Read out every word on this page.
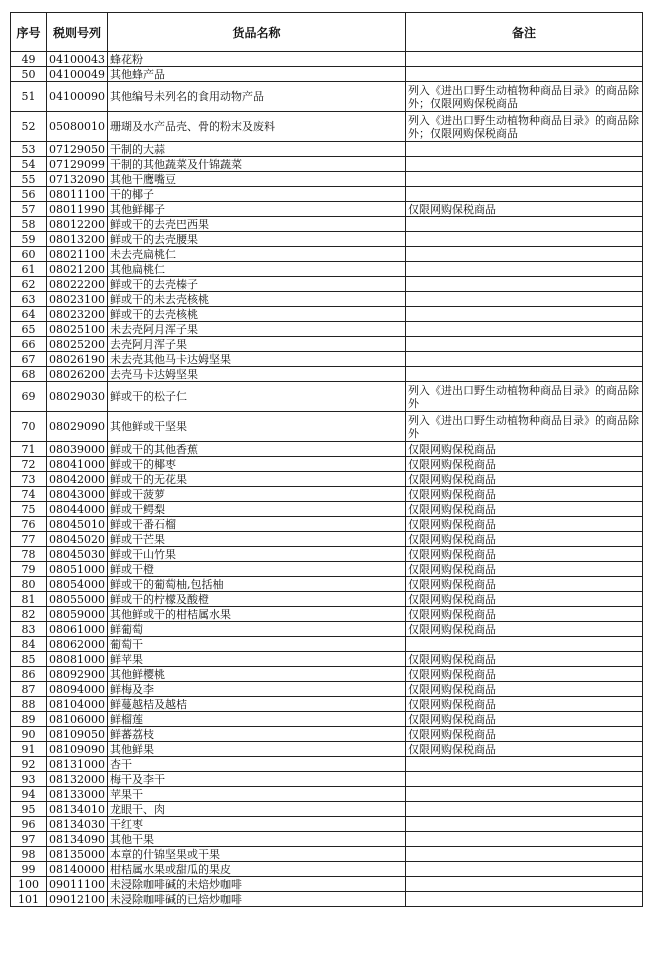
序号	税则号列	货品名称	备注
49	04100043	蜂花粉	
50	04100049	其他蜂产品	
51	04100090	其他编号未列名的食用动物产品	列入《进出口野生动植物种商品目录》的商品除外；仅限网购保税商品
52	05080010	珊瑚及水产品壳、骨的粉末及废料	列入《进出口野生动植物种商品目录》的商品除外；仅限网购保税商品
53	07129050	干制的大蒜	
54	07129099	干制的其他蔬菜及什锦蔬菜	
55	07132090	其他干鹰嘴豆	
56	08011100	干的椰子	
57	08011990	其他鲜椰子	仅限网购保税商品
58	08012200	鲜或干的去壳巴西果	
59	08013200	鲜或干的去壳腰果	
60	08021100	未去壳扁桃仁	
61	08021200	其他扁桃仁	
62	08022200	鲜或干的去壳榛子	
63	08023100	鲜或干的未去壳核桃	
64	08023200	鲜或干的去壳核桃	
65	08025100	未去壳阿月浑子果	
66	08025200	去壳阿月浑子果	
67	08026190	未去壳其他马卡达姆坚果	
68	08026200	去壳马卡达姆坚果	
69	08029030	鲜或干的松子仁	列入《进出口野生动植物种商品目录》的商品除外
70	08029090	其他鲜或干坚果	列入《进出口野生动植物种商品目录》的商品除外
71	08039000	鲜或干的其他香蕉	仅限网购保税商品
72	08041000	鲜或干的椰枣	仅限网购保税商品
73	08042000	鲜或干的无花果	仅限网购保税商品
74	08043000	鲜或干菠萝	仅限网购保税商品
75	08044000	鲜或干鳄梨	仅限网购保税商品
76	08045010	鲜或干番石榴	仅限网购保税商品
77	08045020	鲜或干芒果	仅限网购保税商品
78	08045030	鲜或干山竹果	仅限网购保税商品
79	08051000	鲜或干橙	仅限网购保税商品
80	08054000	鲜或干的葡萄柚,包括柚	仅限网购保税商品
81	08055000	鲜或干的柠檬及酸橙	仅限网购保税商品
82	08059000	其他鲜或干的柑桔属水果	仅限网购保税商品
83	08061000	鲜葡萄	仅限网购保税商品
84	08062000	葡萄干	
85	08081000	鲜苹果	仅限网购保税商品
86	08092900	其他鲜樱桃	仅限网购保税商品
87	08094000	鲜梅及李	仅限网购保税商品
88	08104000	鲜蔓越桔及越桔	仅限网购保税商品
89	08106000	鲜榴莲	仅限网购保税商品
90	08109050	鲜蕃荔枝	仅限网购保税商品
91	08109090	其他鲜果	仅限网购保税商品
92	08131000	杏干	
93	08132000	梅干及李干	
94	08133000	苹果干	
95	08134010	龙眼干、肉	
96	08134030	干红枣	
97	08134090	其他干果	
98	08135000	本章的什锦坚果或干果	
99	08140000	柑桔属水果或甜瓜的果皮	
100	09011100	未浸除咖啡碱的未焙炒咖啡	
101	09012100	未浸除咖啡碱的已焙炒咖啡	
